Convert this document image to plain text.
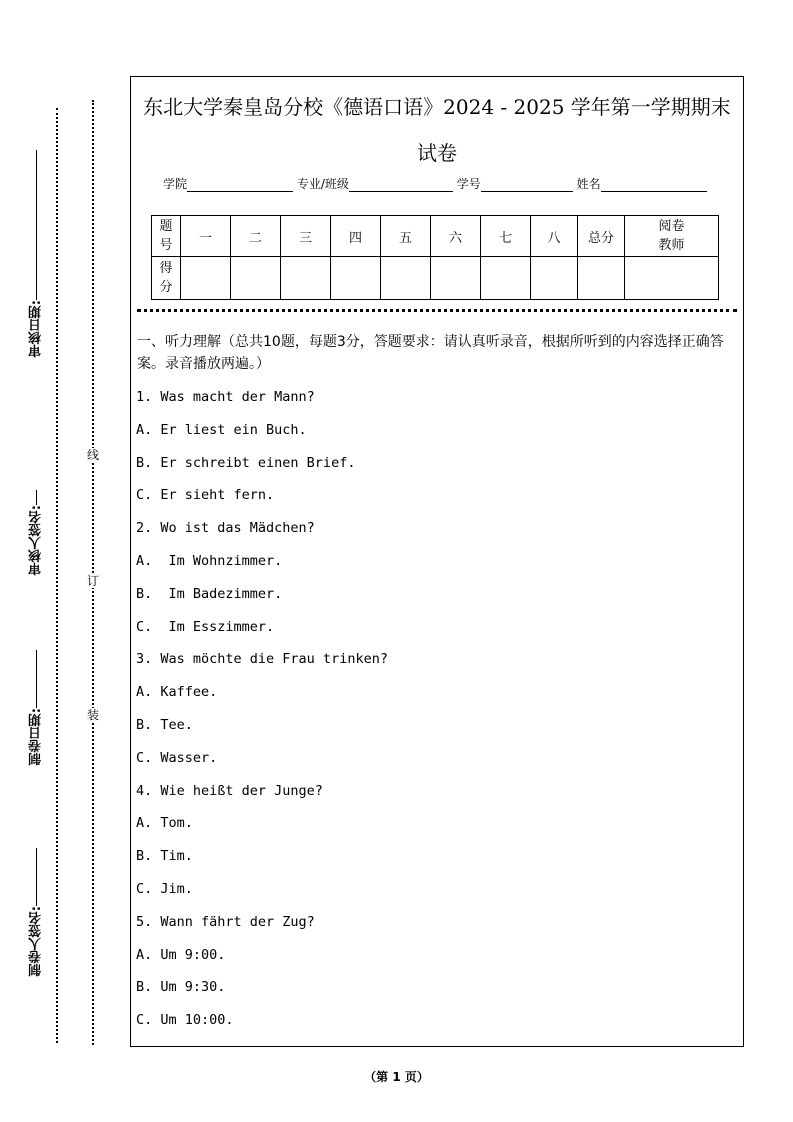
线
订
装
审核日期:
审核人签名:
制卷日期:
制卷人签名:
东北大学秦皇岛分校《德语口语》2024 - 2025 学年第一学期期末
试卷
学院	专业/班级	学号	姓名
题号	一	二	三	四	五	六	七	八	总分	阅卷教师
得分										
一、听力理解（总共10题，每题3分，答题要求：请认真听录音，根据所听到的内容选择正确答案。录音播放两遍。）
1. Was macht der Mann?
A. Er liest ein Buch.
B. Er schreibt einen Brief.
C. Er sieht fern.
2. Wo ist das Mädchen?
A.  Im Wohnzimmer.
B.  Im Badezimmer.
C.  Im Esszimmer.
3. Was möchte die Frau trinken?
A. Kaffee.
B. Tee.
C. Wasser.
4. Wie heißt der Junge?
A. Tom.
B. Tim.
C. Jim.
5. Wann fährt der Zug?
A. Um 9:00.
B. Um 9:30.
C. Um 10:00.
（第 1 页）
